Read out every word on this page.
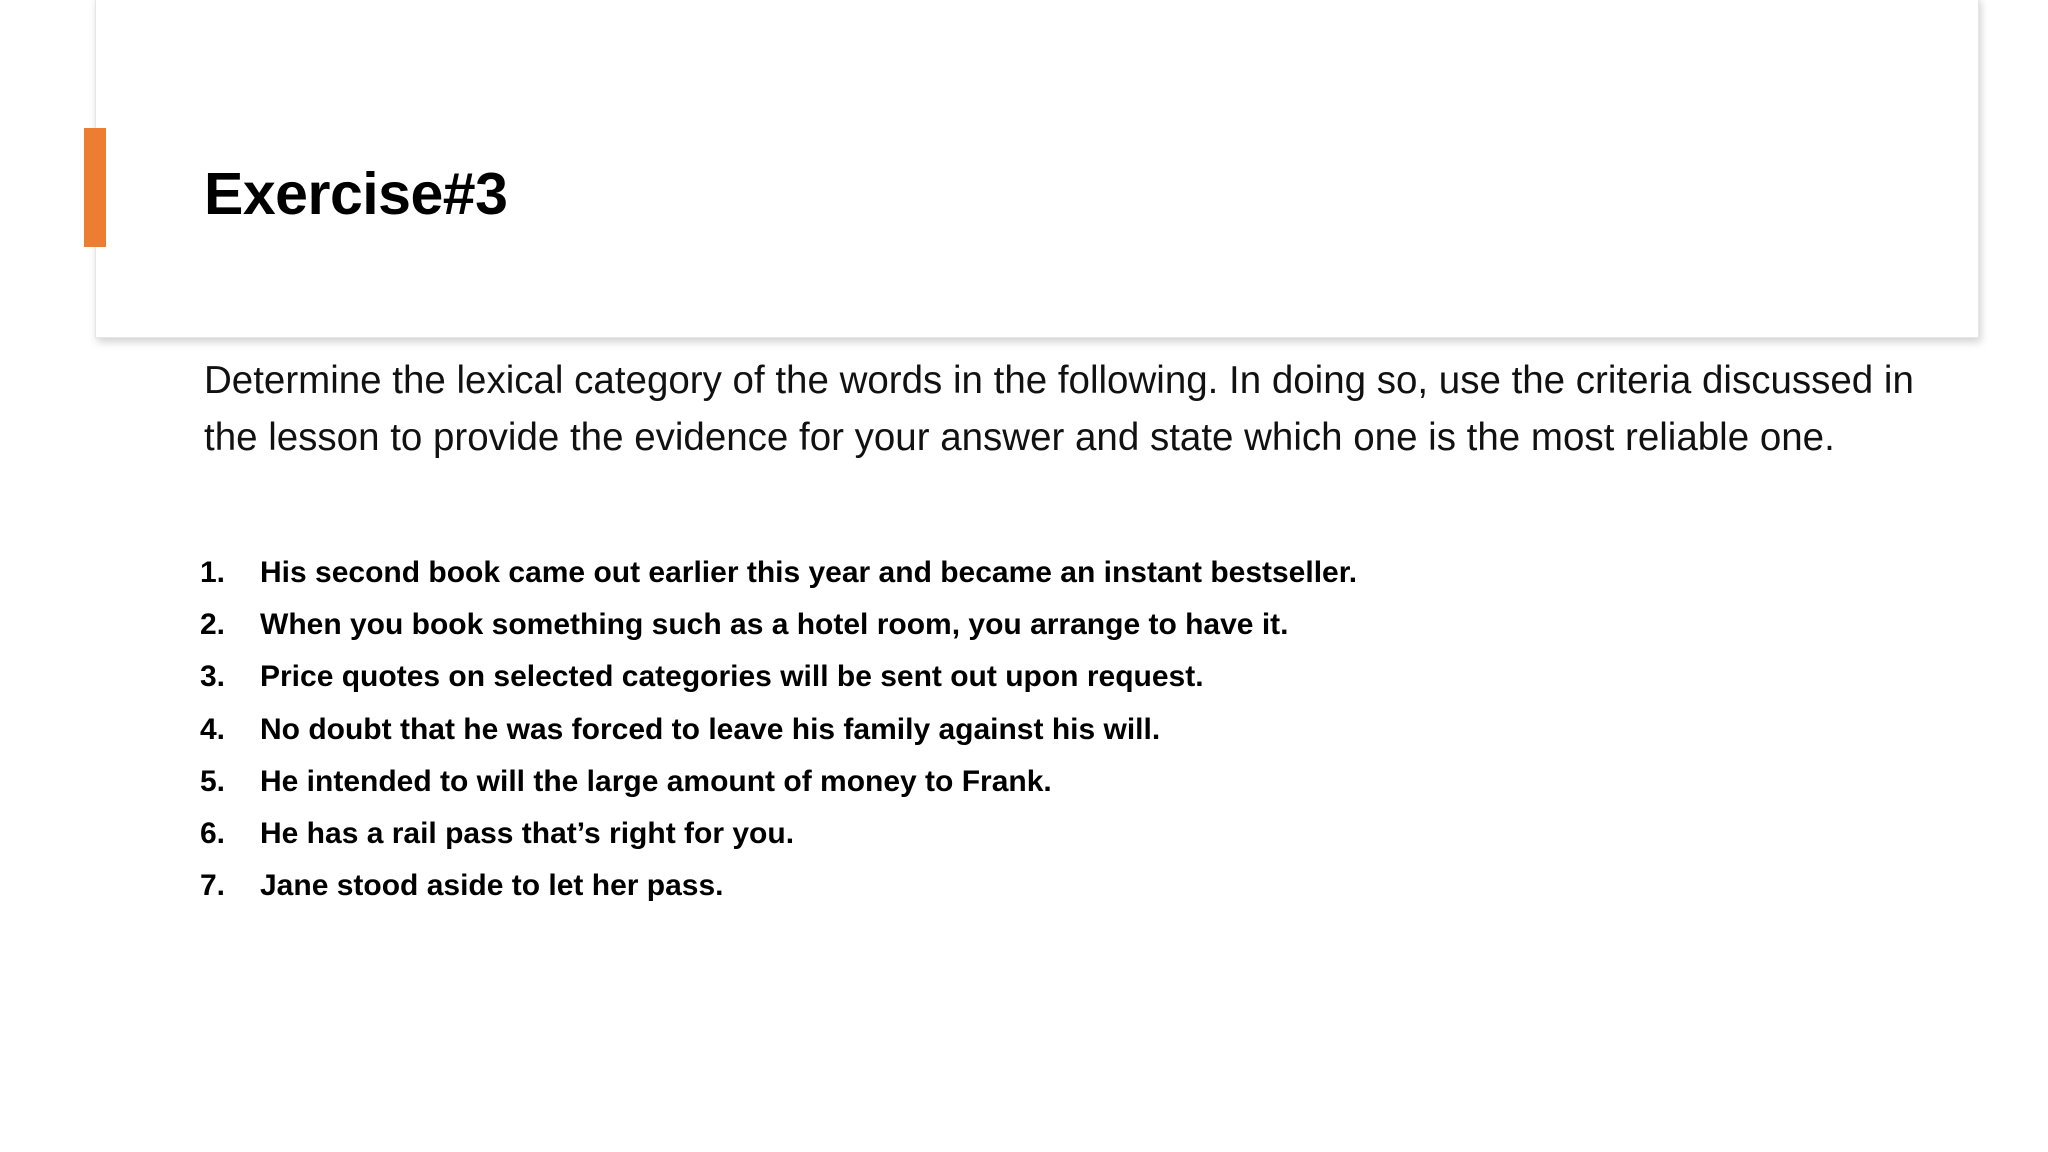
Exercise#3

Determine the lexical category of the words in the following. In doing so, use the criteria discussed in the lesson to provide the evidence for your answer and state which one is the most reliable one.

1.	His second book came out earlier this year and became an instant bestseller.
2.	When you book something such as a hotel room, you arrange to have it.
3.	Price quotes on selected categories will be sent out upon request.
4.	No doubt that he was forced to leave his family against his will.
5.	He intended to will the large amount of money to Frank.
6.	He has a rail pass that’s right for you.
7.	Jane stood aside to let her pass.
